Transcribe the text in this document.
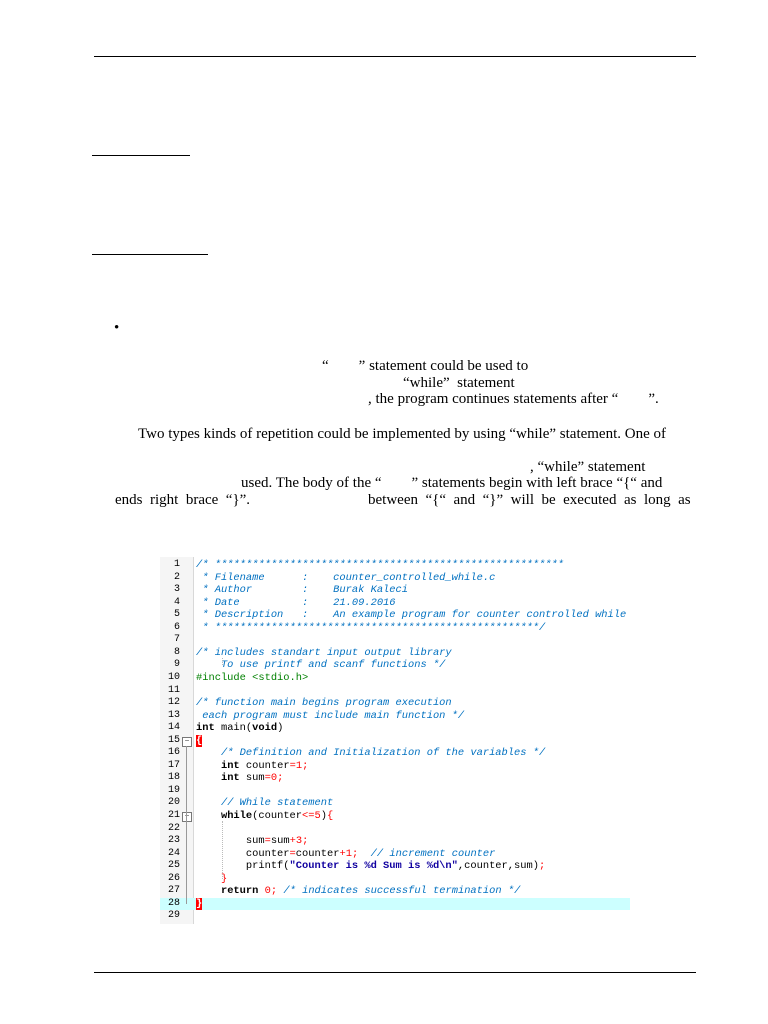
•
“        ” statement could be used to
“while”  statement
, the program continues statements after “        ”.
Two types kinds of repetition could be implemented by using “while” statement. One of
, “while” statement
used. The body of the “        ” statements begin with left brace “{“ and
ends  right  brace  “}”.	between  “{“  and  “}”  will  be  executed  as  long  as
1 /* ********************************************************
2 * Filename      :    counter_controlled_while.c
3 * Author        :    Burak Kaleci
4 * Date          :    21.09.2016
5 * Description   :    An example program for counter controlled while
6 * ****************************************************/
7
8 /* includes standart input output library
9 To use printf and scanf functions */
10 #include <stdio.h>
11
12 /* function main begins program execution
13 each program must include main function */
14 int main(void)
15 − {
16	/* Definition and Initialization of the variables */
17	int counter=1;
18	int sum=0;
19
20	// While statement
21 −	while(counter<=5){
22
23 sum=sum+3;
24 counter=counter+1; // increment counter
25 printf("Counter is %d Sum is %d\n",counter,sum);
26	}
27	return 0; /* indicates successful termination */
28 }
29
